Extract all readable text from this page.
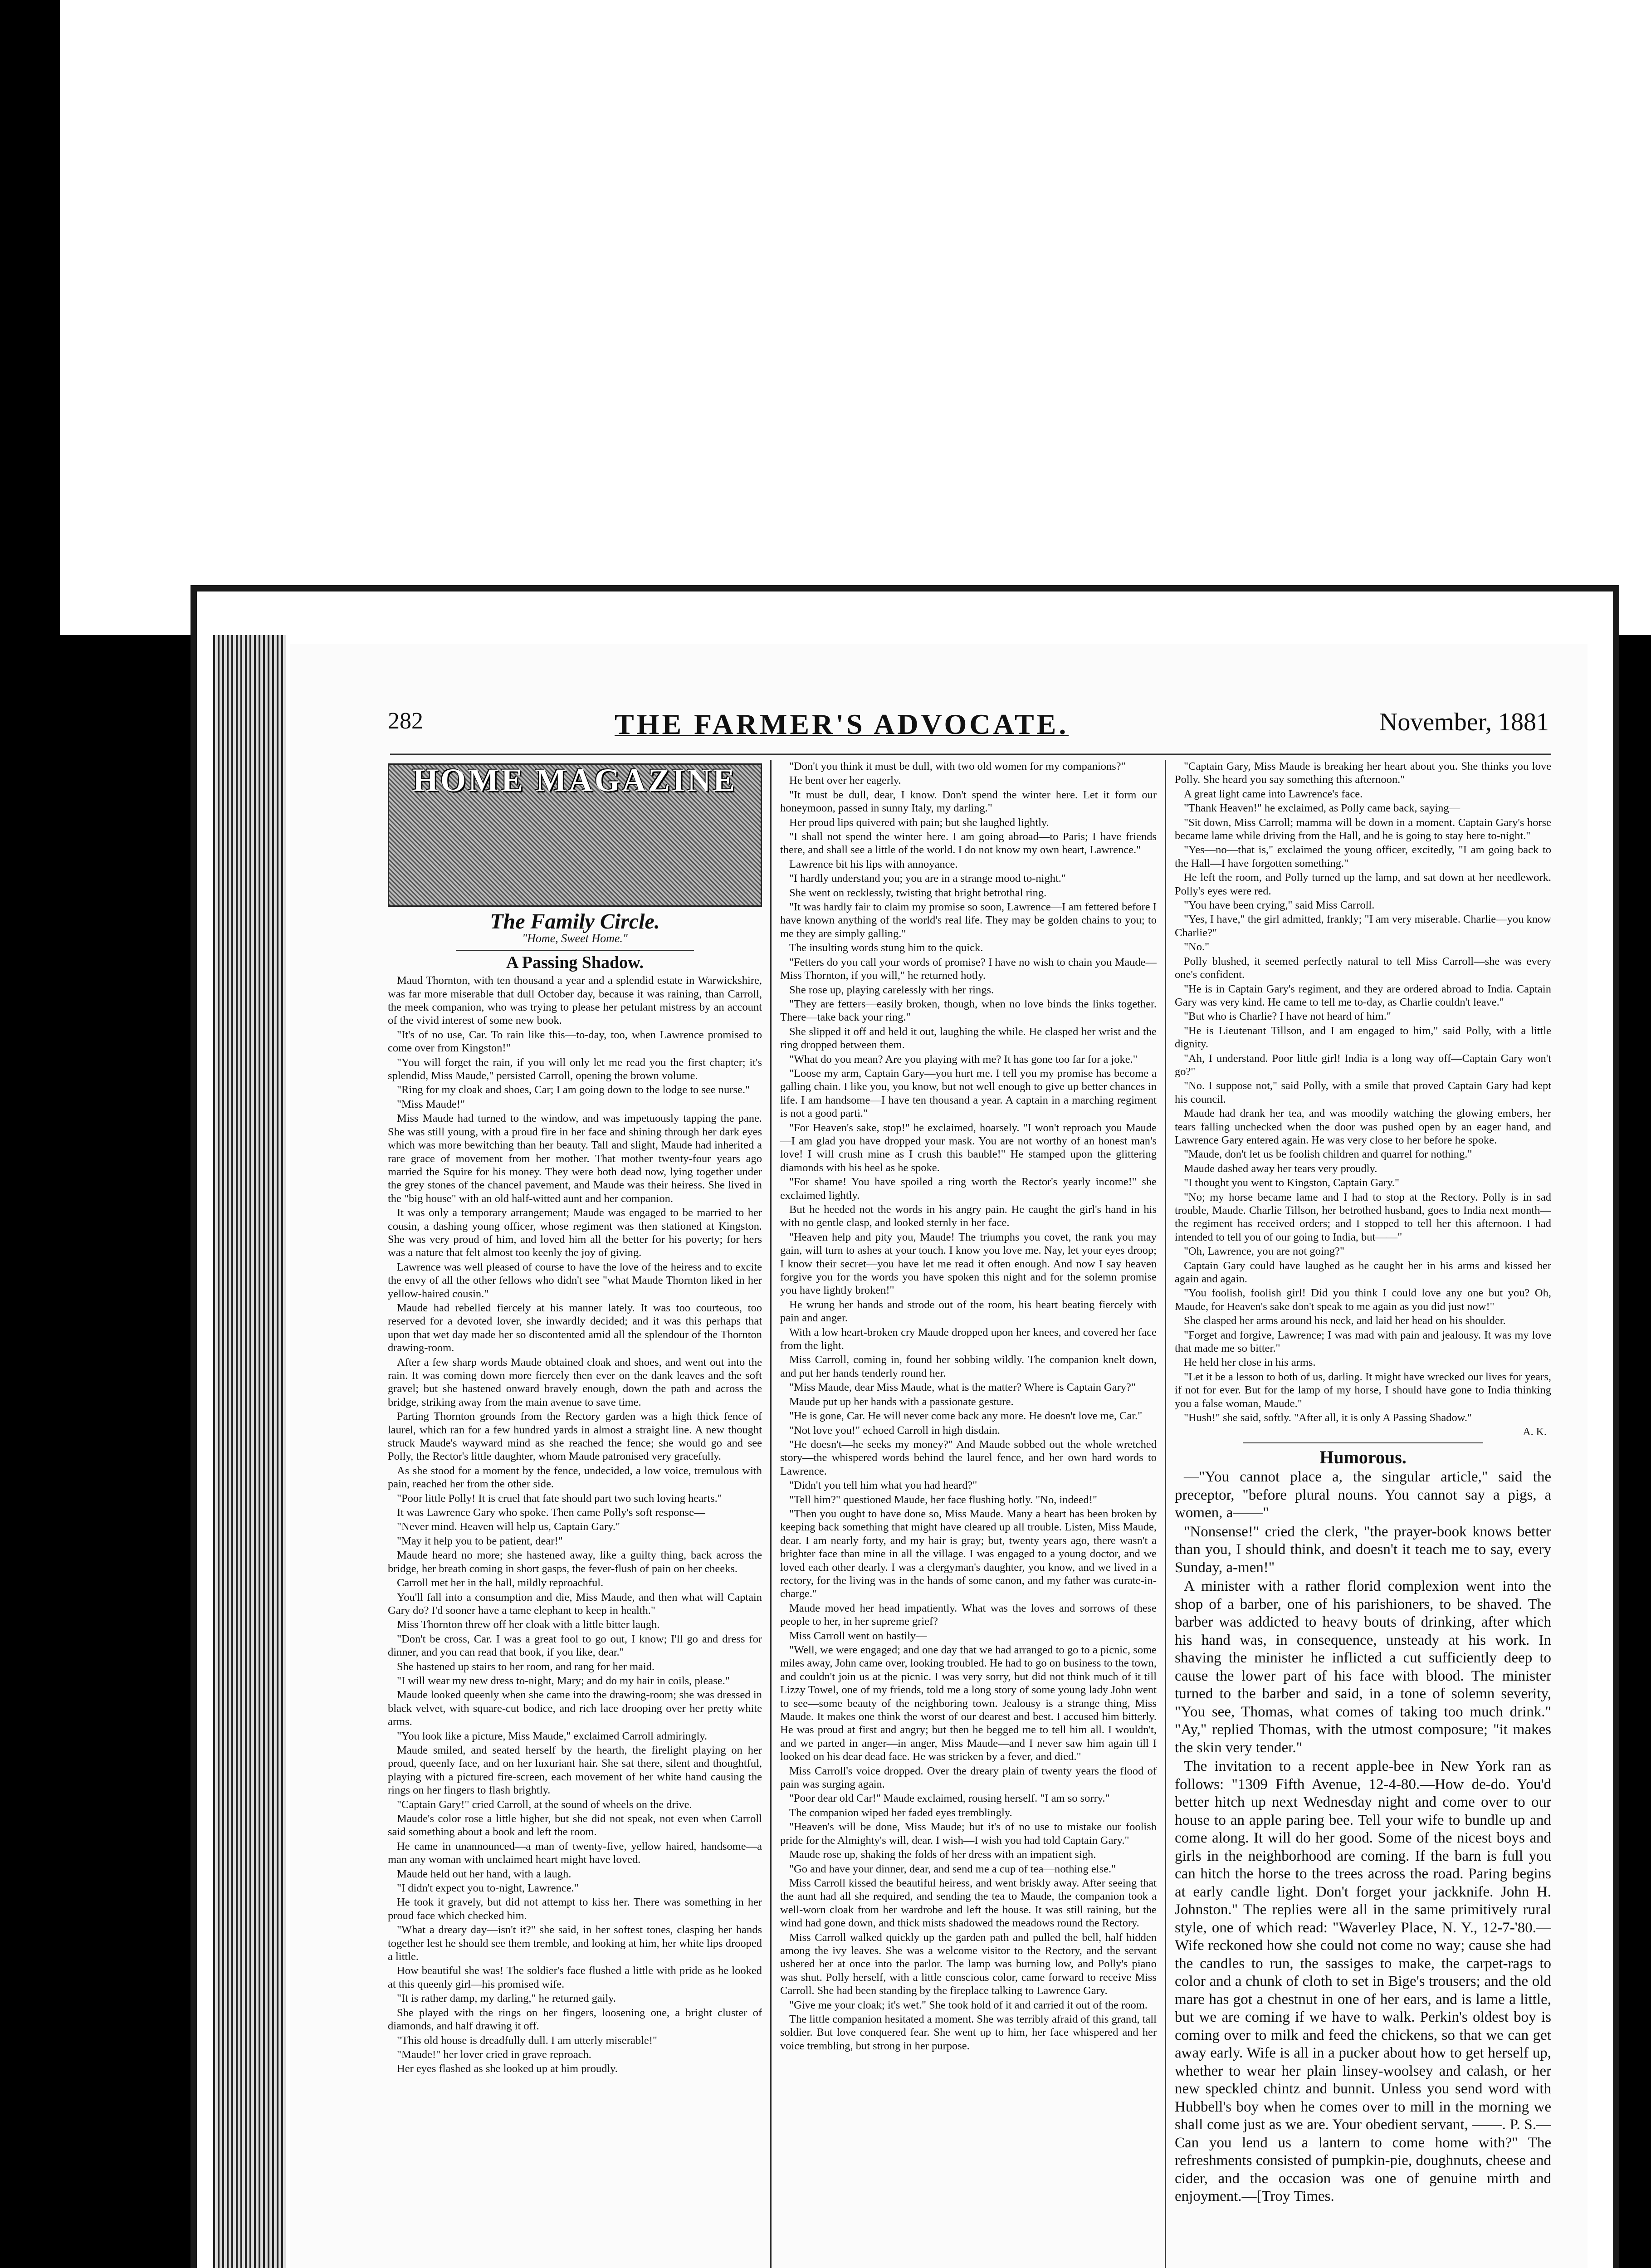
282	THE FARMER'S ADVOCATE.	November, 1881
HOME MAGAZINE
The Family Circle.
"Home, Sweet Home."
A Passing Shadow.

Maud Thornton, with ten thousand a year and a splendid estate in Warwickshire, was far more miserable that dull October day, because it was raining, than Carroll, the meek companion, who was trying to please her petulant mistress by an account of the vivid interest of some new book.

"It's of no use, Car. To rain like this—to-day, too, when Lawrence promised to come over from Kingston!"

"You will forget the rain, if you will only let me read you the first chapter; it's splendid, Miss Maude," persisted Carroll, opening the brown volume.

"Ring for my cloak and shoes, Car; I am going down to the lodge to see nurse."

"Miss Maude!"

Miss Maude had turned to the window, and was impetuously tapping the pane. She was still young, with a proud fire in her face and shining through her dark eyes which was more bewitching than her beauty. Tall and slight, Maude had inherited a rare grace of movement from her mother. That mother twenty-four years ago married the Squire for his money. They were both dead now, lying together under the grey stones of the chancel pavement, and Maude was their heiress. She lived in the "big house" with an old half-witted aunt and her companion.

It was only a temporary arrangement; Maude was engaged to be married to her cousin, a dashing young officer, whose regiment was then stationed at Kingston. She was very proud of him, and loved him all the better for his poverty; for hers was a nature that felt almost too keenly the joy of giving.

Lawrence was well pleased of course to have the love of the heiress and to excite the envy of all the other fellows who didn't see "what Maude Thornton liked in her yellow-haired cousin."

Maude had rebelled fiercely at his manner lately. It was too courteous, too reserved for a devoted lover, she inwardly decided; and it was this perhaps that upon that wet day made her so discontented amid all the splendour of the Thornton drawing-room.

After a few sharp words Maude obtained cloak and shoes, and went out into the rain. It was coming down more fiercely then ever on the dank leaves and the soft gravel; but she hastened onward bravely enough, down the path and across the bridge, striking away from the main avenue to save time.

Parting Thornton grounds from the Rectory garden was a high thick fence of laurel, which ran for a few hundred yards in almost a straight line. A new thought struck Maude's wayward mind as she reached the fence; she would go and see Polly, the Rector's little daughter, whom Maude patronised very gracefully.

As she stood for a moment by the fence, undecided, a low voice, tremulous with pain, reached her from the other side.

"Poor little Polly! It is cruel that fate should part two such loving hearts."

It was Lawrence Gary who spoke. Then came Polly's soft response—

"Never mind. Heaven will help us, Captain Gary."

"May it help you to be patient, dear!"

Maude heard no more; she hastened away, like a guilty thing, back across the bridge, her breath coming in short gasps, the fever-flush of pain on her cheeks.

Carroll met her in the hall, mildly reproachful.

You'll fall into a consumption and die, Miss Maude, and then what will Captain Gary do? I'd sooner have a tame elephant to keep in health."

Miss Thornton threw off her cloak with a little bitter laugh.

"Don't be cross, Car. I was a great fool to go out, I know; I'll go and dress for dinner, and you can read that book, if you like, dear."

She hastened up stairs to her room, and rang for her maid.

"I will wear my new dress to-night, Mary; and do my hair in coils, please."

Maude looked queenly when she came into the drawing-room; she was dressed in black velvet, with square-cut bodice, and rich lace drooping over her pretty white arms.

"You look like a picture, Miss Maude," exclaimed Carroll admiringly.

Maude smiled, and seated herself by the hearth, the firelight playing on her proud, queenly face, and on her luxuriant hair. She sat there, silent and thoughtful, playing with a pictured fire-screen, each movement of her white hand causing the rings on her fingers to flash brightly.

"Captain Gary!" cried Carroll, at the sound of wheels on the drive.

Maude's color rose a little higher, but she did not speak, not even when Carroll said something about a book and left the room.

He came in unannounced—a man of twenty-five, yellow haired, handsome—a man any woman with unclaimed heart might have loved.

Maude held out her hand, with a laugh.

"I didn't expect you to-night, Lawrence."

He took it gravely, but did not attempt to kiss her. There was something in her proud face which checked him.

"What a dreary day—isn't it?" she said, in her softest tones, clasping her hands together lest he should see them tremble, and looking at him, her white lips drooped a little.

How beautiful she was! The soldier's face flushed a little with pride as he looked at this queenly girl—his promised wife.

"It is rather damp, my darling," he returned gaily.

She played with the rings on her fingers, loosening one, a bright cluster of diamonds, and half drawing it off.

"This old house is dreadfully dull. I am utterly miserable!"

"Maude!" her lover cried in grave reproach.

Her eyes flashed as she looked up at him proudly.

"Don't you think it must be dull, with two old women for my companions?"

He bent over her eagerly.

"It must be dull, dear, I know. Don't spend the winter here. Let it form our honeymoon, passed in sunny Italy, my darling."

Her proud lips quivered with pain; but she laughed lightly.

"I shall not spend the winter here. I am going abroad—to Paris; I have friends there, and shall see a little of the world. I do not know my own heart, Lawrence."

Lawrence bit his lips with annoyance.

"I hardly understand you; you are in a strange mood to-night."

She went on recklessly, twisting that bright betrothal ring.

"It was hardly fair to claim my promise so soon, Lawrence—I am fettered before I have known anything of the world's real life. They may be golden chains to you; to me they are simply galling."

The insulting words stung him to the quick.

"Fetters do you call your words of promise? I have no wish to chain you Maude—Miss Thornton, if you will," he returned hotly.

She rose up, playing carelessly with her rings.

"They are fetters—easily broken, though, when no love binds the links together. There—take back your ring."

She slipped it off and held it out, laughing the while. He clasped her wrist and the ring dropped between them.

"What do you mean? Are you playing with me? It has gone too far for a joke."

"Loose my arm, Captain Gary—you hurt me. I tell you my promise has become a galling chain. I like you, you know, but not well enough to give up better chances in life. I am handsome—I have ten thousand a year. A captain in a marching regiment is not a good parti."

"For Heaven's sake, stop!" he exclaimed, hoarsely. "I won't reproach you Maude—I am glad you have dropped your mask. You are not worthy of an honest man's love! I will crush mine as I crush this bauble!" He stamped upon the glittering diamonds with his heel as he spoke.

"For shame! You have spoiled a ring worth the Rector's yearly income!" she exclaimed lightly.

But he heeded not the words in his angry pain. He caught the girl's hand in his with no gentle clasp, and looked sternly in her face.

"Heaven help and pity you, Maude! The triumphs you covet, the rank you may gain, will turn to ashes at your touch. I know you love me. Nay, let your eyes droop; I know their secret—you have let me read it often enough. And now I say heaven forgive you for the words you have spoken this night and for the solemn promise you have lightly broken!"

He wrung her hands and strode out of the room, his heart beating fiercely with pain and anger.

With a low heart-broken cry Maude dropped upon her knees, and covered her face from the light.

Miss Carroll, coming in, found her sobbing wildly. The companion knelt down, and put her hands tenderly round her.

"Miss Maude, dear Miss Maude, what is the matter? Where is Captain Gary?"

Maude put up her hands with a passionate gesture.

"He is gone, Car. He will never come back any more. He doesn't love me, Car."

"Not love you!" echoed Carroll in high disdain.

"He doesn't—he seeks my money?" And Maude sobbed out the whole wretched story—the whispered words behind the laurel fence, and her own hard words to Lawrence.

"Didn't you tell him what you had heard?"

"Tell him?" questioned Maude, her face flushing hotly. "No, indeed!"

"Then you ought to have done so, Miss Maude. Many a heart has been broken by keeping back something that might have cleared up all trouble. Listen, Miss Maude, dear. I am nearly forty, and my hair is gray; but, twenty years ago, there wasn't a brighter face than mine in all the village. I was engaged to a young doctor, and we loved each other dearly. I was a clergyman's daughter, you know, and we lived in a rectory, for the living was in the hands of some canon, and my father was curate-in-charge."

Maude moved her head impatiently. What was the loves and sorrows of these people to her, in her supreme grief?

Miss Carroll went on hastily—

"Well, we were engaged; and one day that we had arranged to go to a picnic, some miles away, John came over, looking troubled. He had to go on business to the town, and couldn't join us at the picnic. I was very sorry, but did not think much of it till Lizzy Towel, one of my friends, told me a long story of some young lady John went to see—some beauty of the neighboring town. Jealousy is a strange thing, Miss Maude. It makes one think the worst of our dearest and best. I accused him bitterly. He was proud at first and angry; but then he begged me to tell him all. I wouldn't, and we parted in anger—in anger, Miss Maude—and I never saw him again till I looked on his dear dead face. He was stricken by a fever, and died."

Miss Carroll's voice dropped. Over the dreary plain of twenty years the flood of pain was surging again.

"Poor dear old Car!" Maude exclaimed, rousing herself. "I am so sorry."

The companion wiped her faded eyes tremblingly.

"Heaven's will be done, Miss Maude; but it's of no use to mistake our foolish pride for the Almighty's will, dear. I wish—I wish you had told Captain Gary."

Maude rose up, shaking the folds of her dress with an impatient sigh.

"Go and have your dinner, dear, and send me a cup of tea—nothing else."

Miss Carroll kissed the beautiful heiress, and went briskly away. After seeing that the aunt had all she required, and sending the tea to Maude, the companion took a well-worn cloak from her wardrobe and left the house. It was still raining, but the wind had gone down, and thick mists shadowed the meadows round the Rectory.

Miss Carroll walked quickly up the garden path and pulled the bell, half hidden among the ivy leaves. She was a welcome visitor to the Rectory, and the servant ushered her at once into the parlor. The lamp was burning low, and Polly's piano was shut. Polly herself, with a little conscious color, came forward to receive Miss Carroll. She had been standing by the fireplace talking to Lawrence Gary.

"Give me your cloak; it's wet." She took hold of it and carried it out of the room.

The little companion hesitated a moment. She was terribly afraid of this grand, tall soldier. But love conquered fear. She went up to him, her face whispered and her voice trembling, but strong in her purpose.

"Captain Gary, Miss Maude is breaking her heart about you. She thinks you love Polly. She heard you say something this afternoon."

A great light came into Lawrence's face.

"Thank Heaven!" he exclaimed, as Polly came back, saying—

"Sit down, Miss Carroll; mamma will be down in a moment. Captain Gary's horse became lame while driving from the Hall, and he is going to stay here to-night."

"Yes—no—that is," exclaimed the young officer, excitedly, "I am going back to the Hall—I have forgotten something."

He left the room, and Polly turned up the lamp, and sat down at her needlework. Polly's eyes were red.

"You have been crying," said Miss Carroll.

"Yes, I have," the girl admitted, frankly; "I am very miserable. Charlie—you know Charlie?"

"No."

Polly blushed, it seemed perfectly natural to tell Miss Carroll—she was every one's confident.

"He is in Captain Gary's regiment, and they are ordered abroad to India. Captain Gary was very kind. He came to tell me to-day, as Charlie couldn't leave."

"But who is Charlie? I have not heard of him."

"He is Lieutenant Tillson, and I am engaged to him," said Polly, with a little dignity.

"Ah, I understand. Poor little girl! India is a long way off—Captain Gary won't go?"

"No. I suppose not," said Polly, with a smile that proved Captain Gary had kept his council.

Maude had drank her tea, and was moodily watching the glowing embers, her tears falling unchecked when the door was pushed open by an eager hand, and Lawrence Gary entered again. He was very close to her before he spoke.

"Maude, don't let us be foolish children and quarrel for nothing."

Maude dashed away her tears very proudly.

"I thought you went to Kingston, Captain Gary."

"No; my horse became lame and I had to stop at the Rectory. Polly is in sad trouble, Maude. Charlie Tillson, her betrothed husband, goes to India next month—the regiment has received orders; and I stopped to tell her this afternoon. I had intended to tell you of our going to India, but——"

"Oh, Lawrence, you are not going?"

Captain Gary could have laughed as he caught her in his arms and kissed her again and again.

"You foolish, foolish girl! Did you think I could love any one but you? Oh, Maude, for Heaven's sake don't speak to me again as you did just now!"

She clasped her arms around his neck, and laid her head on his shoulder.

"Forget and forgive, Lawrence; I was mad with pain and jealousy. It was my love that made me so bitter."

He held her close in his arms.

"Let it be a lesson to both of us, darling. It might have wrecked our lives for years, if not for ever. But for the lamp of my horse, I should have gone to India thinking you a false woman, Maude."

"Hush!" she said, softly. "After all, it is only A Passing Shadow."

A. K.
Humorous.

—"You cannot place a, the singular article," said the preceptor, "before plural nouns. You cannot say a pigs, a women, a——"

"Nonsense!" cried the clerk, "the prayer-book knows better than you, I should think, and doesn't it teach me to say, every Sunday, a-men!"

A minister with a rather florid complexion went into the shop of a barber, one of his parishioners, to be shaved. The barber was addicted to heavy bouts of drinking, after which his hand was, in consequence, unsteady at his work. In shaving the minister he inflicted a cut sufficiently deep to cause the lower part of his face with blood. The minister turned to the barber and said, in a tone of solemn severity, "You see, Thomas, what comes of taking too much drink." "Ay," replied Thomas, with the utmost composure; "it makes the skin very tender."

The invitation to a recent apple-bee in New York ran as follows: "1309 Fifth Avenue, 12-4-80.—How de-do. You'd better hitch up next Wednesday night and come over to our house to an apple paring bee. Tell your wife to bundle up and come along. It will do her good. Some of the nicest boys and girls in the neighborhood are coming. If the barn is full you can hitch the horse to the trees across the road. Paring begins at early candle light. Don't forget your jackknife. John H. Johnston." The replies were all in the same primitively rural style, one of which read: "Waverley Place, N. Y., 12-7-'80.—Wife reckoned how she could not come no way; cause she had the candles to run, the sassiges to make, the carpet-rags to color and a chunk of cloth to set in Bige's trousers; and the old mare has got a chestnut in one of her ears, and is lame a little, but we are coming if we have to walk. Perkin's oldest boy is coming over to milk and feed the chickens, so that we can get away early. Wife is all in a pucker about how to get herself up, whether to wear her plain linsey-woolsey and calash, or her new speckled chintz and bunnit. Unless you send word with Hubbell's boy when he comes over to mill in the morning we shall come just as we are. Your obedient servant, ——. P. S.—Can you lend us a lantern to come home with?" The refreshments consisted of pumpkin-pie, doughnuts, cheese and cider, and the occasion was one of genuine mirth and enjoyment.—[Troy Times.
